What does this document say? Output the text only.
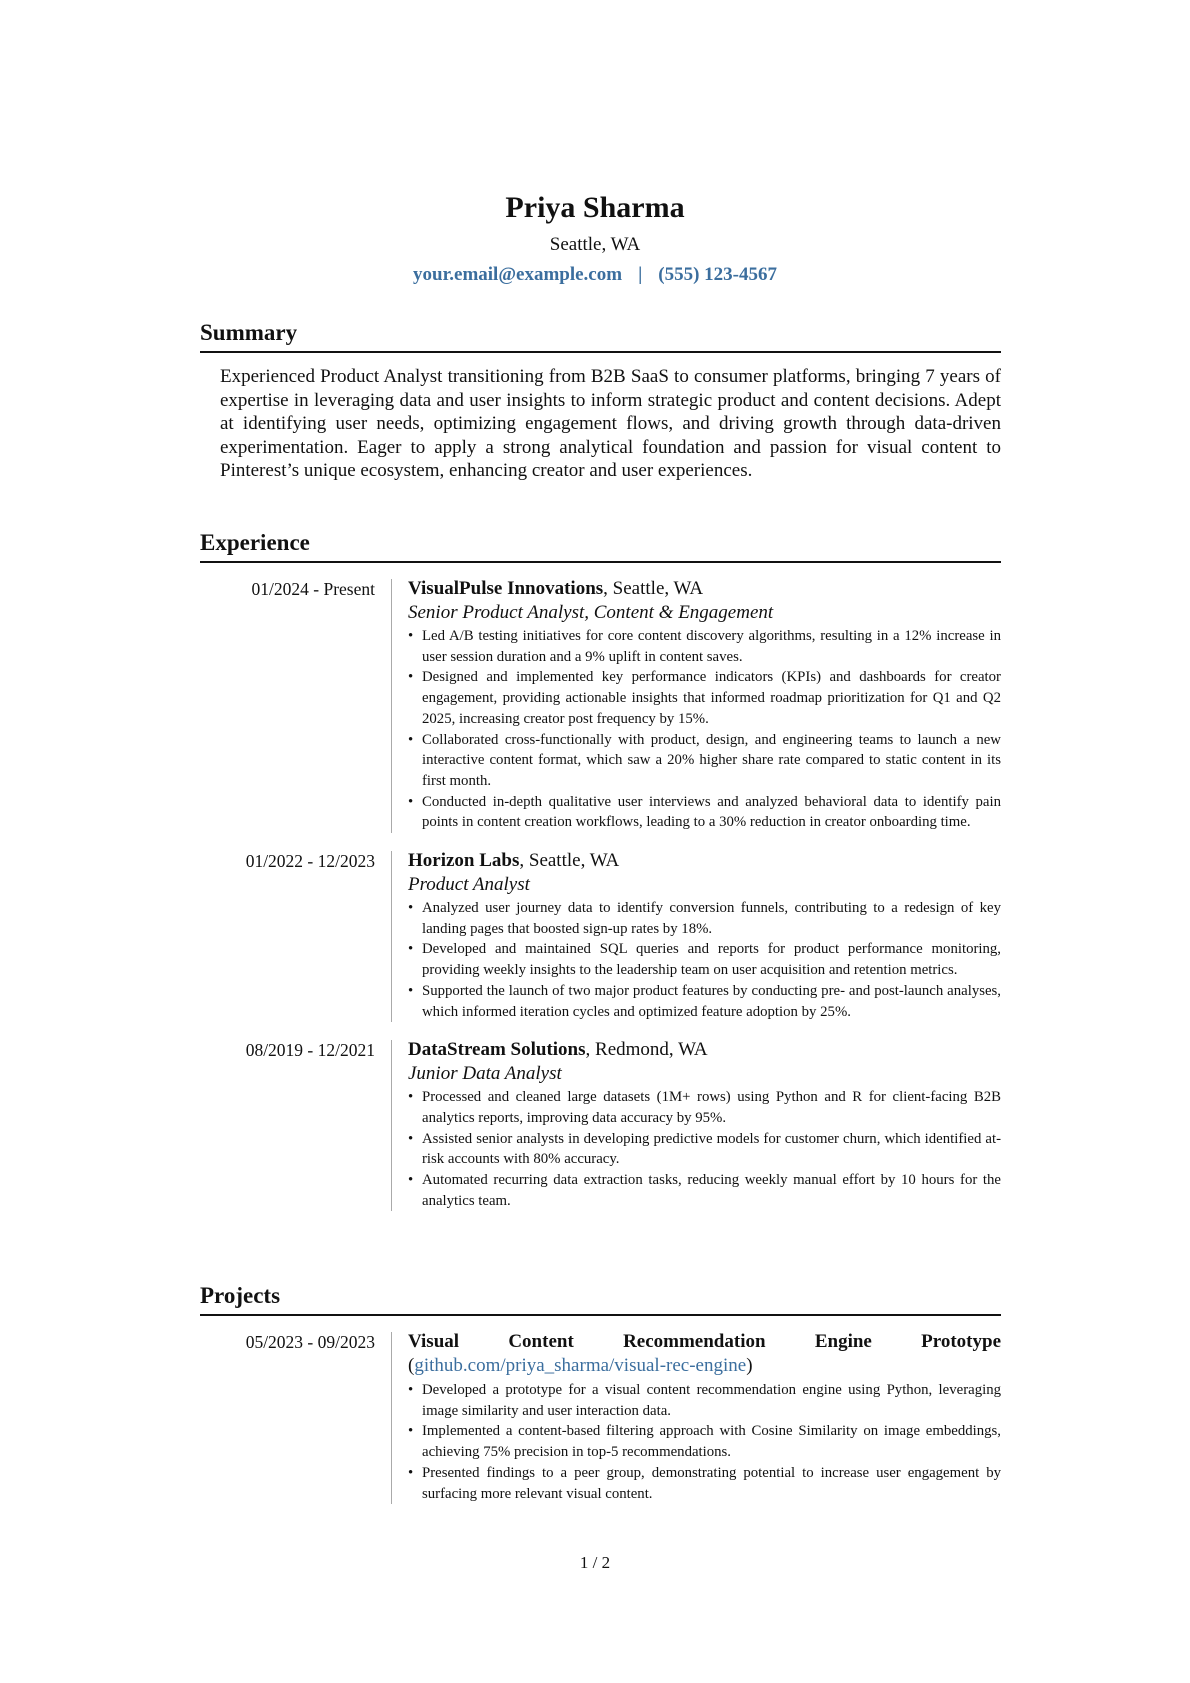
Priya Sharma
Seattle, WA
your.email@example.com | (555) 123-4567
Summary
Experienced Product Analyst transitioning from B2B SaaS to consumer platforms, bringing 7 years of expertise in leveraging data and user insights to inform strategic product and content decisions. Adept at identifying user needs, optimizing engagement flows, and driving growth through data-driven experimentation. Eager to apply a strong analytical foundation and passion for visual content to Pinterest’s unique ecosystem, enhancing creator and user experiences.
Experience
01/2024 - Present VisualPulse Innovations, Seattle, WA
Senior Product Analyst, Content & Engagement
• Led A/B testing initiatives for core content discovery algorithms, resulting in a 12% increase in user session duration and a 9% uplift in content saves.
• Designed and implemented key performance indicators (KPIs) and dashboards for creator engagement, providing actionable insights that informed roadmap prioritization for Q1 and Q2 2025, increasing creator post frequency by 15%.
• Collaborated cross-functionally with product, design, and engineering teams to launch a new interactive content format, which saw a 20% higher share rate compared to static content in its first month.
• Conducted in-depth qualitative user interviews and analyzed behavioral data to identify pain points in content creation workflows, leading to a 30% reduction in creator onboarding time.
01/2022 - 12/2023 Horizon Labs, Seattle, WA
Product Analyst
• Analyzed user journey data to identify conversion funnels, contributing to a redesign of key landing pages that boosted sign-up rates by 18%.
• Developed and maintained SQL queries and reports for product performance monitoring, providing weekly insights to the leadership team on user acquisition and retention metrics.
• Supported the launch of two major product features by conducting pre- and post-launch analyses, which informed iteration cycles and optimized feature adoption by 25%.
08/2019 - 12/2021 DataStream Solutions, Redmond, WA
Junior Data Analyst
• Processed and cleaned large datasets (1M+ rows) using Python and R for client-facing B2B analytics reports, improving data accuracy by 95%.
• Assisted senior analysts in developing predictive models for customer churn, which identified at-risk accounts with 80% accuracy.
• Automated recurring data extraction tasks, reducing weekly manual effort by 10 hours for the analytics team.
Projects
05/2023 - 09/2023 Visual Content Recommendation Engine Prototype (github.com/priya_sharma/visual-rec-engine)
• Developed a prototype for a visual content recommendation engine using Python, leveraging image similarity and user interaction data.
• Implemented a content-based filtering approach with Cosine Similarity on image embeddings, achieving 75% precision in top-5 recommendations.
• Presented findings to a peer group, demonstrating potential to increase user engagement by surfacing more relevant visual content.
1 / 2
